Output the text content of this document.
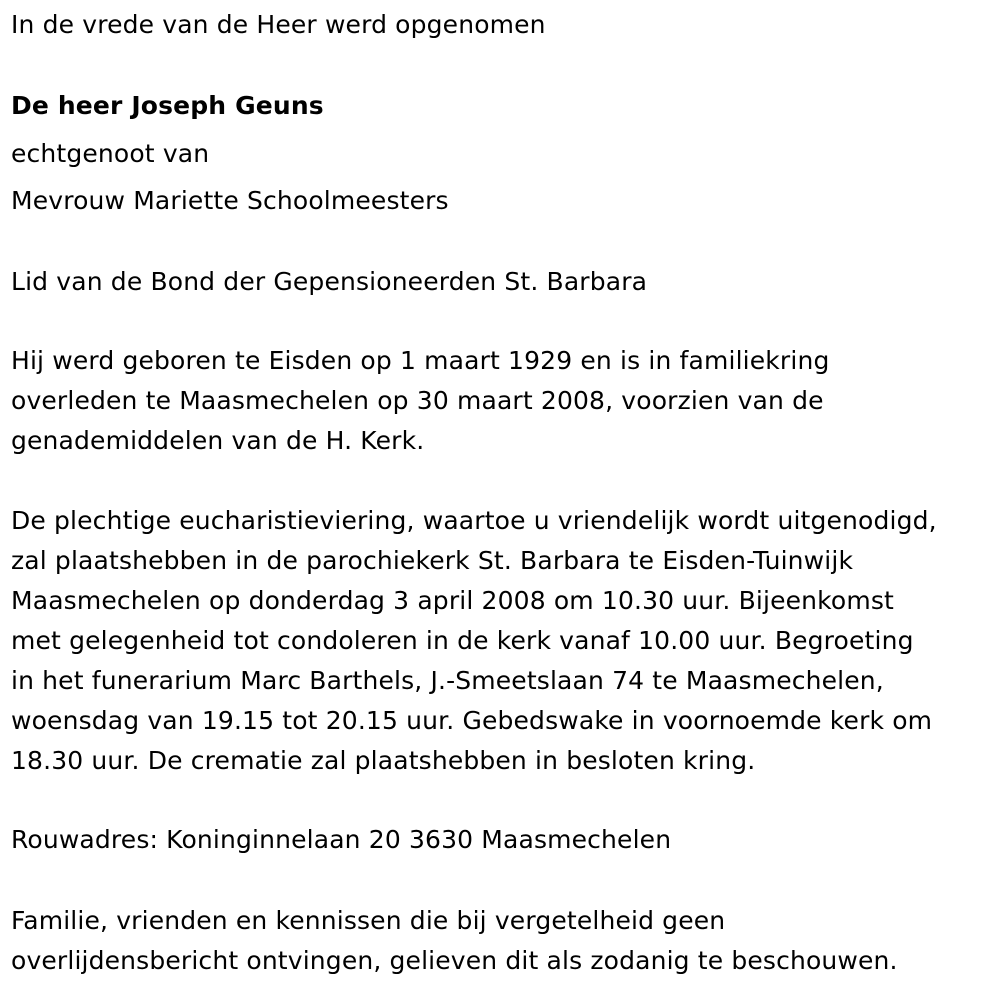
In de vrede van de Heer werd opgenomen
De heer Joseph Geuns
echtgenoot van
Mevrouw Mariette Schoolmeesters
Lid van de Bond der Gepensioneerden St. Barbara
Hij werd geboren te Eisden op 1 maart 1929 en is in familiekring
overleden te Maasmechelen op 30 maart 2008, voorzien van de
genademiddelen van de H. Kerk.
De plechtige eucharistieviering, waartoe u vriendelijk wordt uitgenodigd,
zal plaatshebben in de parochiekerk St. Barbara te Eisden-Tuinwijk
Maasmechelen op donderdag 3 april 2008 om 10.30 uur. Bijeenkomst
met gelegenheid tot condoleren in de kerk vanaf 10.00 uur. Begroeting
in het funerarium Marc Barthels, J.-Smeetslaan 74 te Maasmechelen,
woensdag van 19.15 tot 20.15 uur. Gebedswake in voornoemde kerk om
18.30 uur. De crematie zal plaatshebben in besloten kring.
Rouwadres: Koninginnelaan 20 3630 Maasmechelen
Familie, vrienden en kennissen die bij vergetelheid geen
overlijdensbericht ontvingen, gelieven dit als zodanig te beschouwen.
